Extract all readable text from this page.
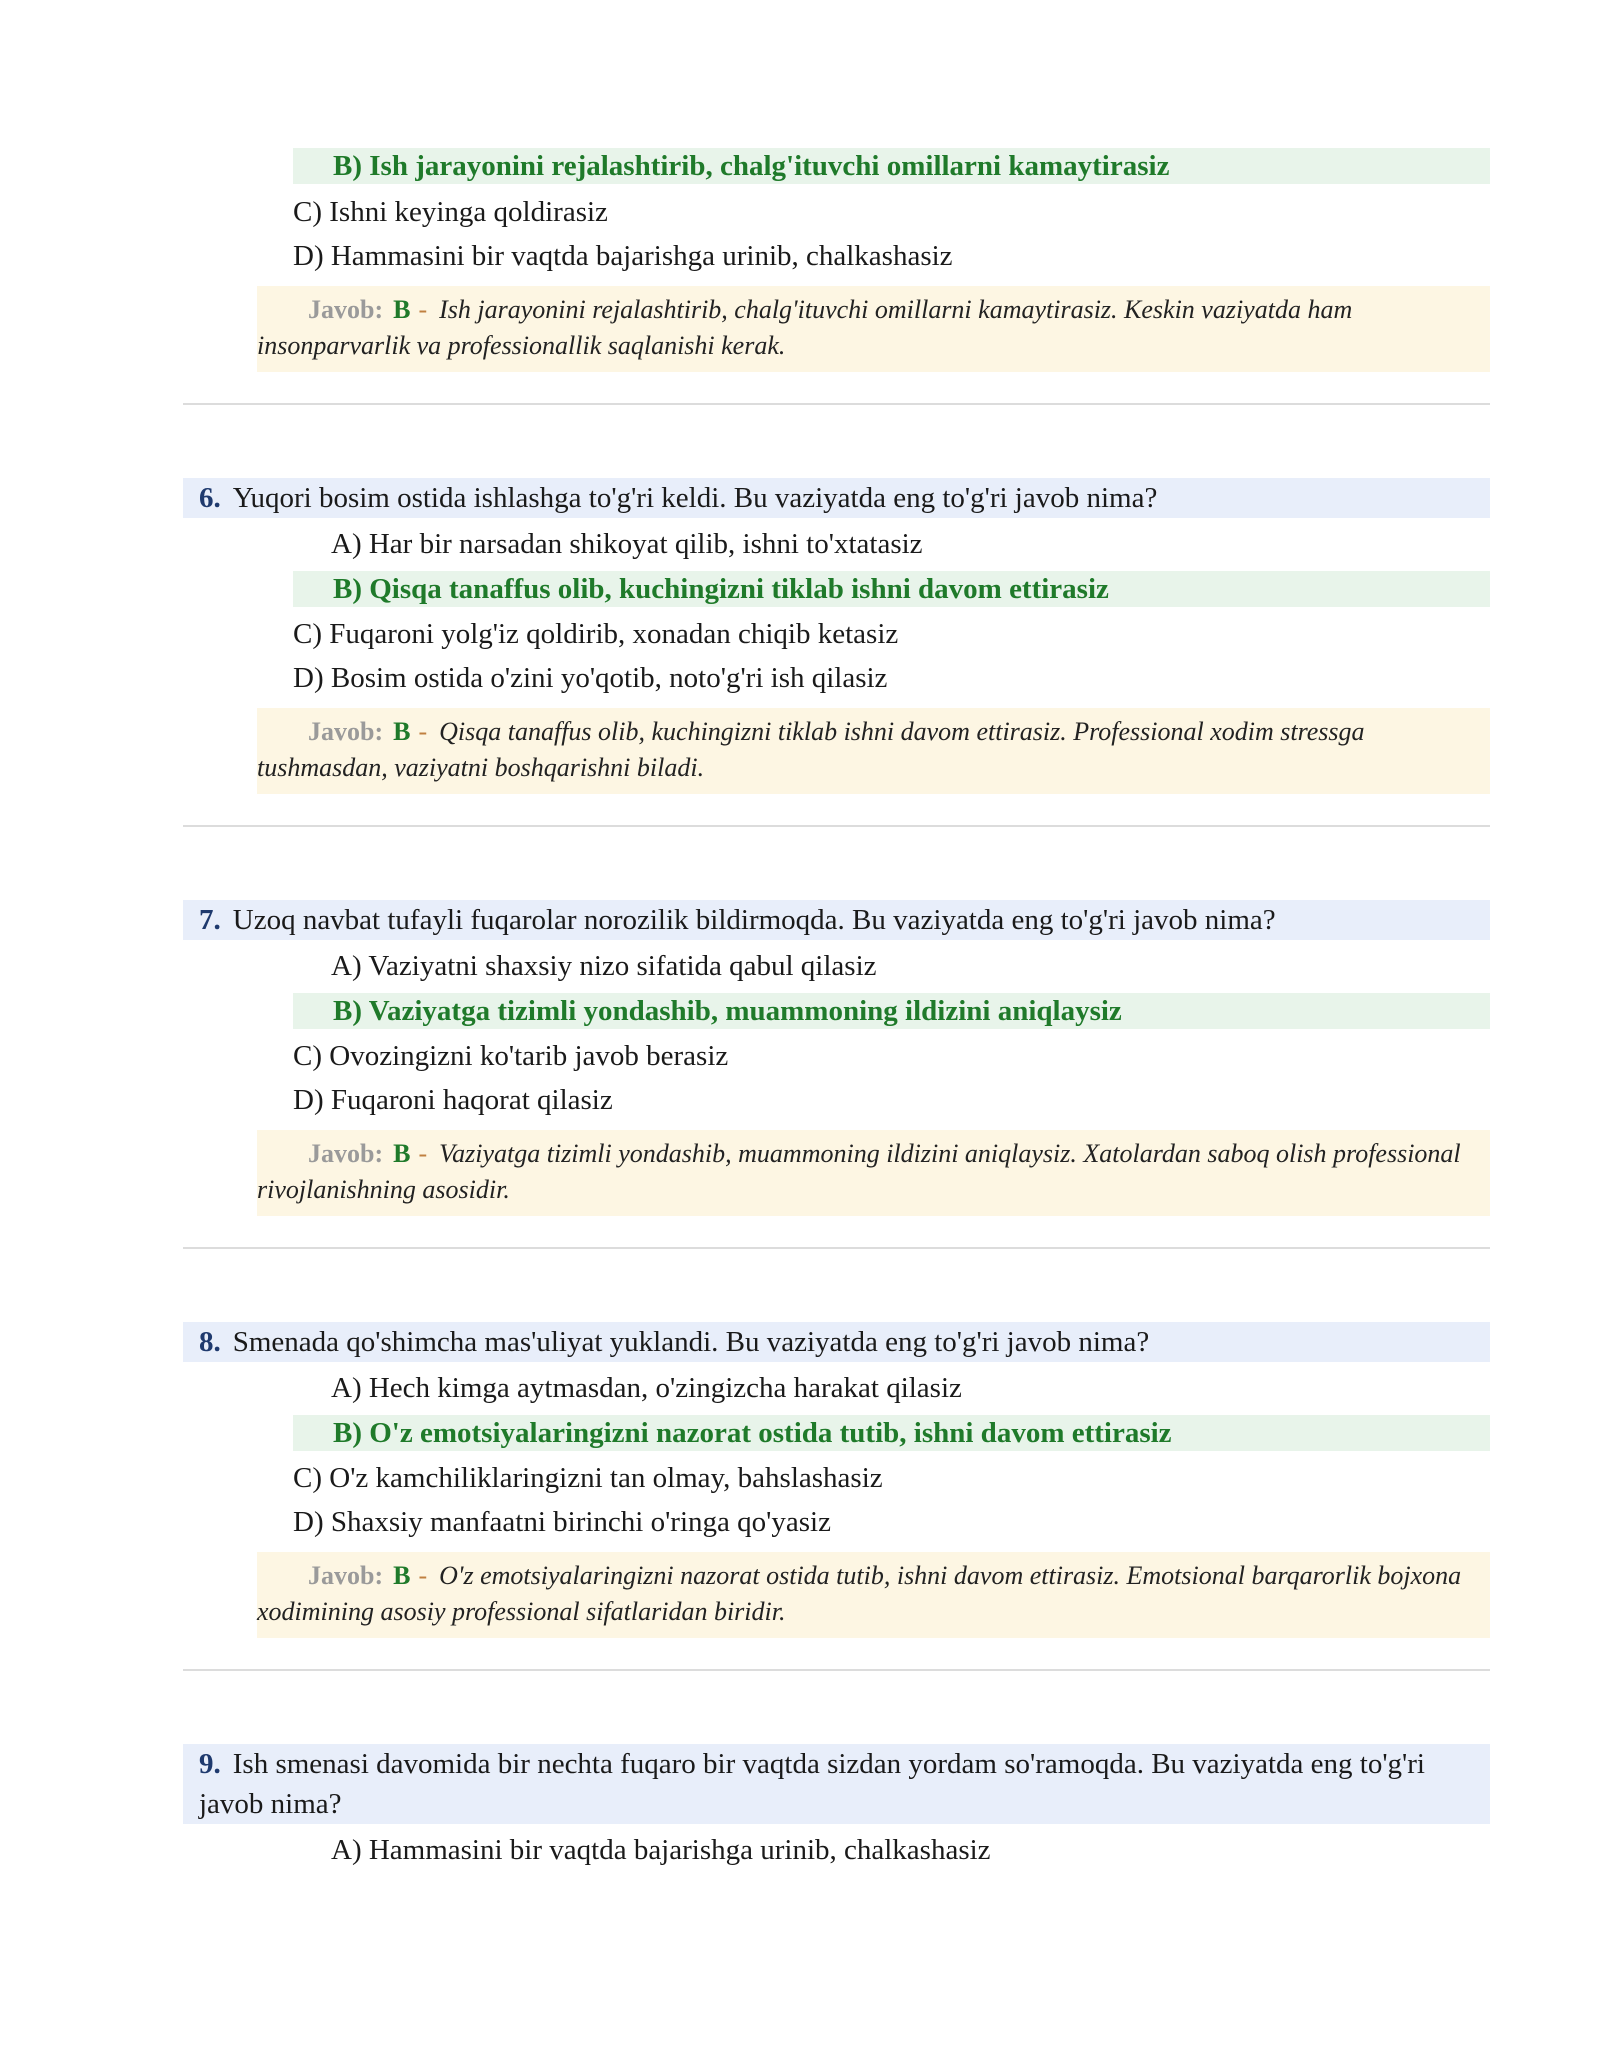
B) Ish jarayonini rejalashtirib, chalg'ituvchi omillarni kamaytirasiz
C) Ishni keyinga qoldirasiz
D) Hammasini bir vaqtda bajarishga urinib, chalkashasiz
Javob: B - Ish jarayonini rejalashtirib, chalg'ituvchi omillarni kamaytirasiz. Keskin vaziyatda ham insonparvarlik va professionallik saqlanishi kerak.
6. Yuqori bosim ostida ishlashga to'g'ri keldi. Bu vaziyatda eng to'g'ri javob nima?
A) Har bir narsadan shikoyat qilib, ishni to'xtatasiz
B) Qisqa tanaffus olib, kuchingizni tiklab ishni davom ettirasiz
C) Fuqaroni yolg'iz qoldirib, xonadan chiqib ketasiz
D) Bosim ostida o'zini yo'qotib, noto'g'ri ish qilasiz
Javob: B - Qisqa tanaffus olib, kuchingizni tiklab ishni davom ettirasiz. Professional xodim stressga tushmasdan, vaziyatni boshqarishni biladi.
7. Uzoq navbat tufayli fuqarolar norozilik bildirmoqda. Bu vaziyatda eng to'g'ri javob nima?
A) Vaziyatni shaxsiy nizo sifatida qabul qilasiz
B) Vaziyatga tizimli yondashib, muammoning ildizini aniqlaysiz
C) Ovozingizni ko'tarib javob berasiz
D) Fuqaroni haqorat qilasiz
Javob: B - Vaziyatga tizimli yondashib, muammoning ildizini aniqlaysiz. Xatolardan saboq olish professional rivojlanishning asosidir.
8. Smenada qo'shimcha mas'uliyat yuklandi. Bu vaziyatda eng to'g'ri javob nima?
A) Hech kimga aytmasdan, o'zingizcha harakat qilasiz
B) O'z emotsiyalaringizni nazorat ostida tutib, ishni davom ettirasiz
C) O'z kamchiliklaringizni tan olmay, bahslashasiz
D) Shaxsiy manfaatni birinchi o'ringa qo'yasiz
Javob: B - O'z emotsiyalaringizni nazorat ostida tutib, ishni davom ettirasiz. Emotsional barqarorlik bojxona xodimining asosiy professional sifatlaridan biridir.
9. Ish smenasi davomida bir nechta fuqaro bir vaqtda sizdan yordam so'ramoqda. Bu vaziyatda eng to'g'ri javob nima?
A) Hammasini bir vaqtda bajarishga urinib, chalkashasiz
